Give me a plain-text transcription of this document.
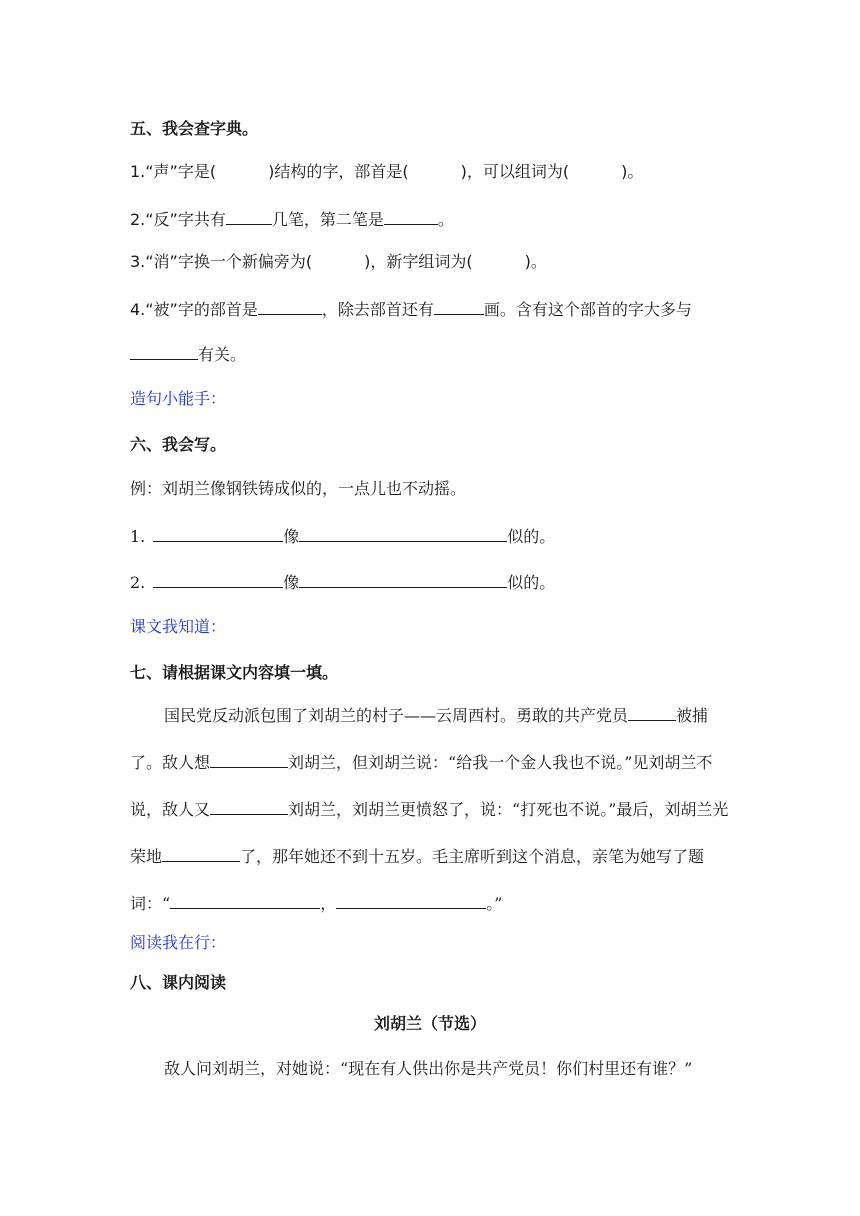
五、我会查字典。
1.“声”字是(	)结构的字，部首是(	)，可以组词为(	)。
2.“反”字共有	几笔，第二笔是	。
3.“消”字换一个新偏旁为(	)，新字组词为(	)。
4.“被”字的部首是	，除去部首还有	画。含有这个部首的字大多与
有关。
造句小能手：
六、我会写。
例：刘胡兰像钢铁铸成似的，一点儿也不动摇。
1.	像	似的。
2.	像	似的。
课文我知道：
七、请根据课文内容填一填。
国民党反动派包围了刘胡兰的村子——云周西村。勇敢的共产党员	被捕了。敌人想	刘胡兰，但刘胡兰说：“给我一个金人我也不说。”见刘胡兰不说，敌人又	刘胡兰，刘胡兰更愤怒了，说：“打死也不说。”最后，刘胡兰光荣地	了，那年她还不到十五岁。毛主席听到这个消息，亲笔为她写了题词：“	，	。”
阅读我在行：
八、课内阅读
刘胡兰（节选）
敌人问刘胡兰，对她说：“现在有人供出你是共产党员！你们村里还有谁？”
